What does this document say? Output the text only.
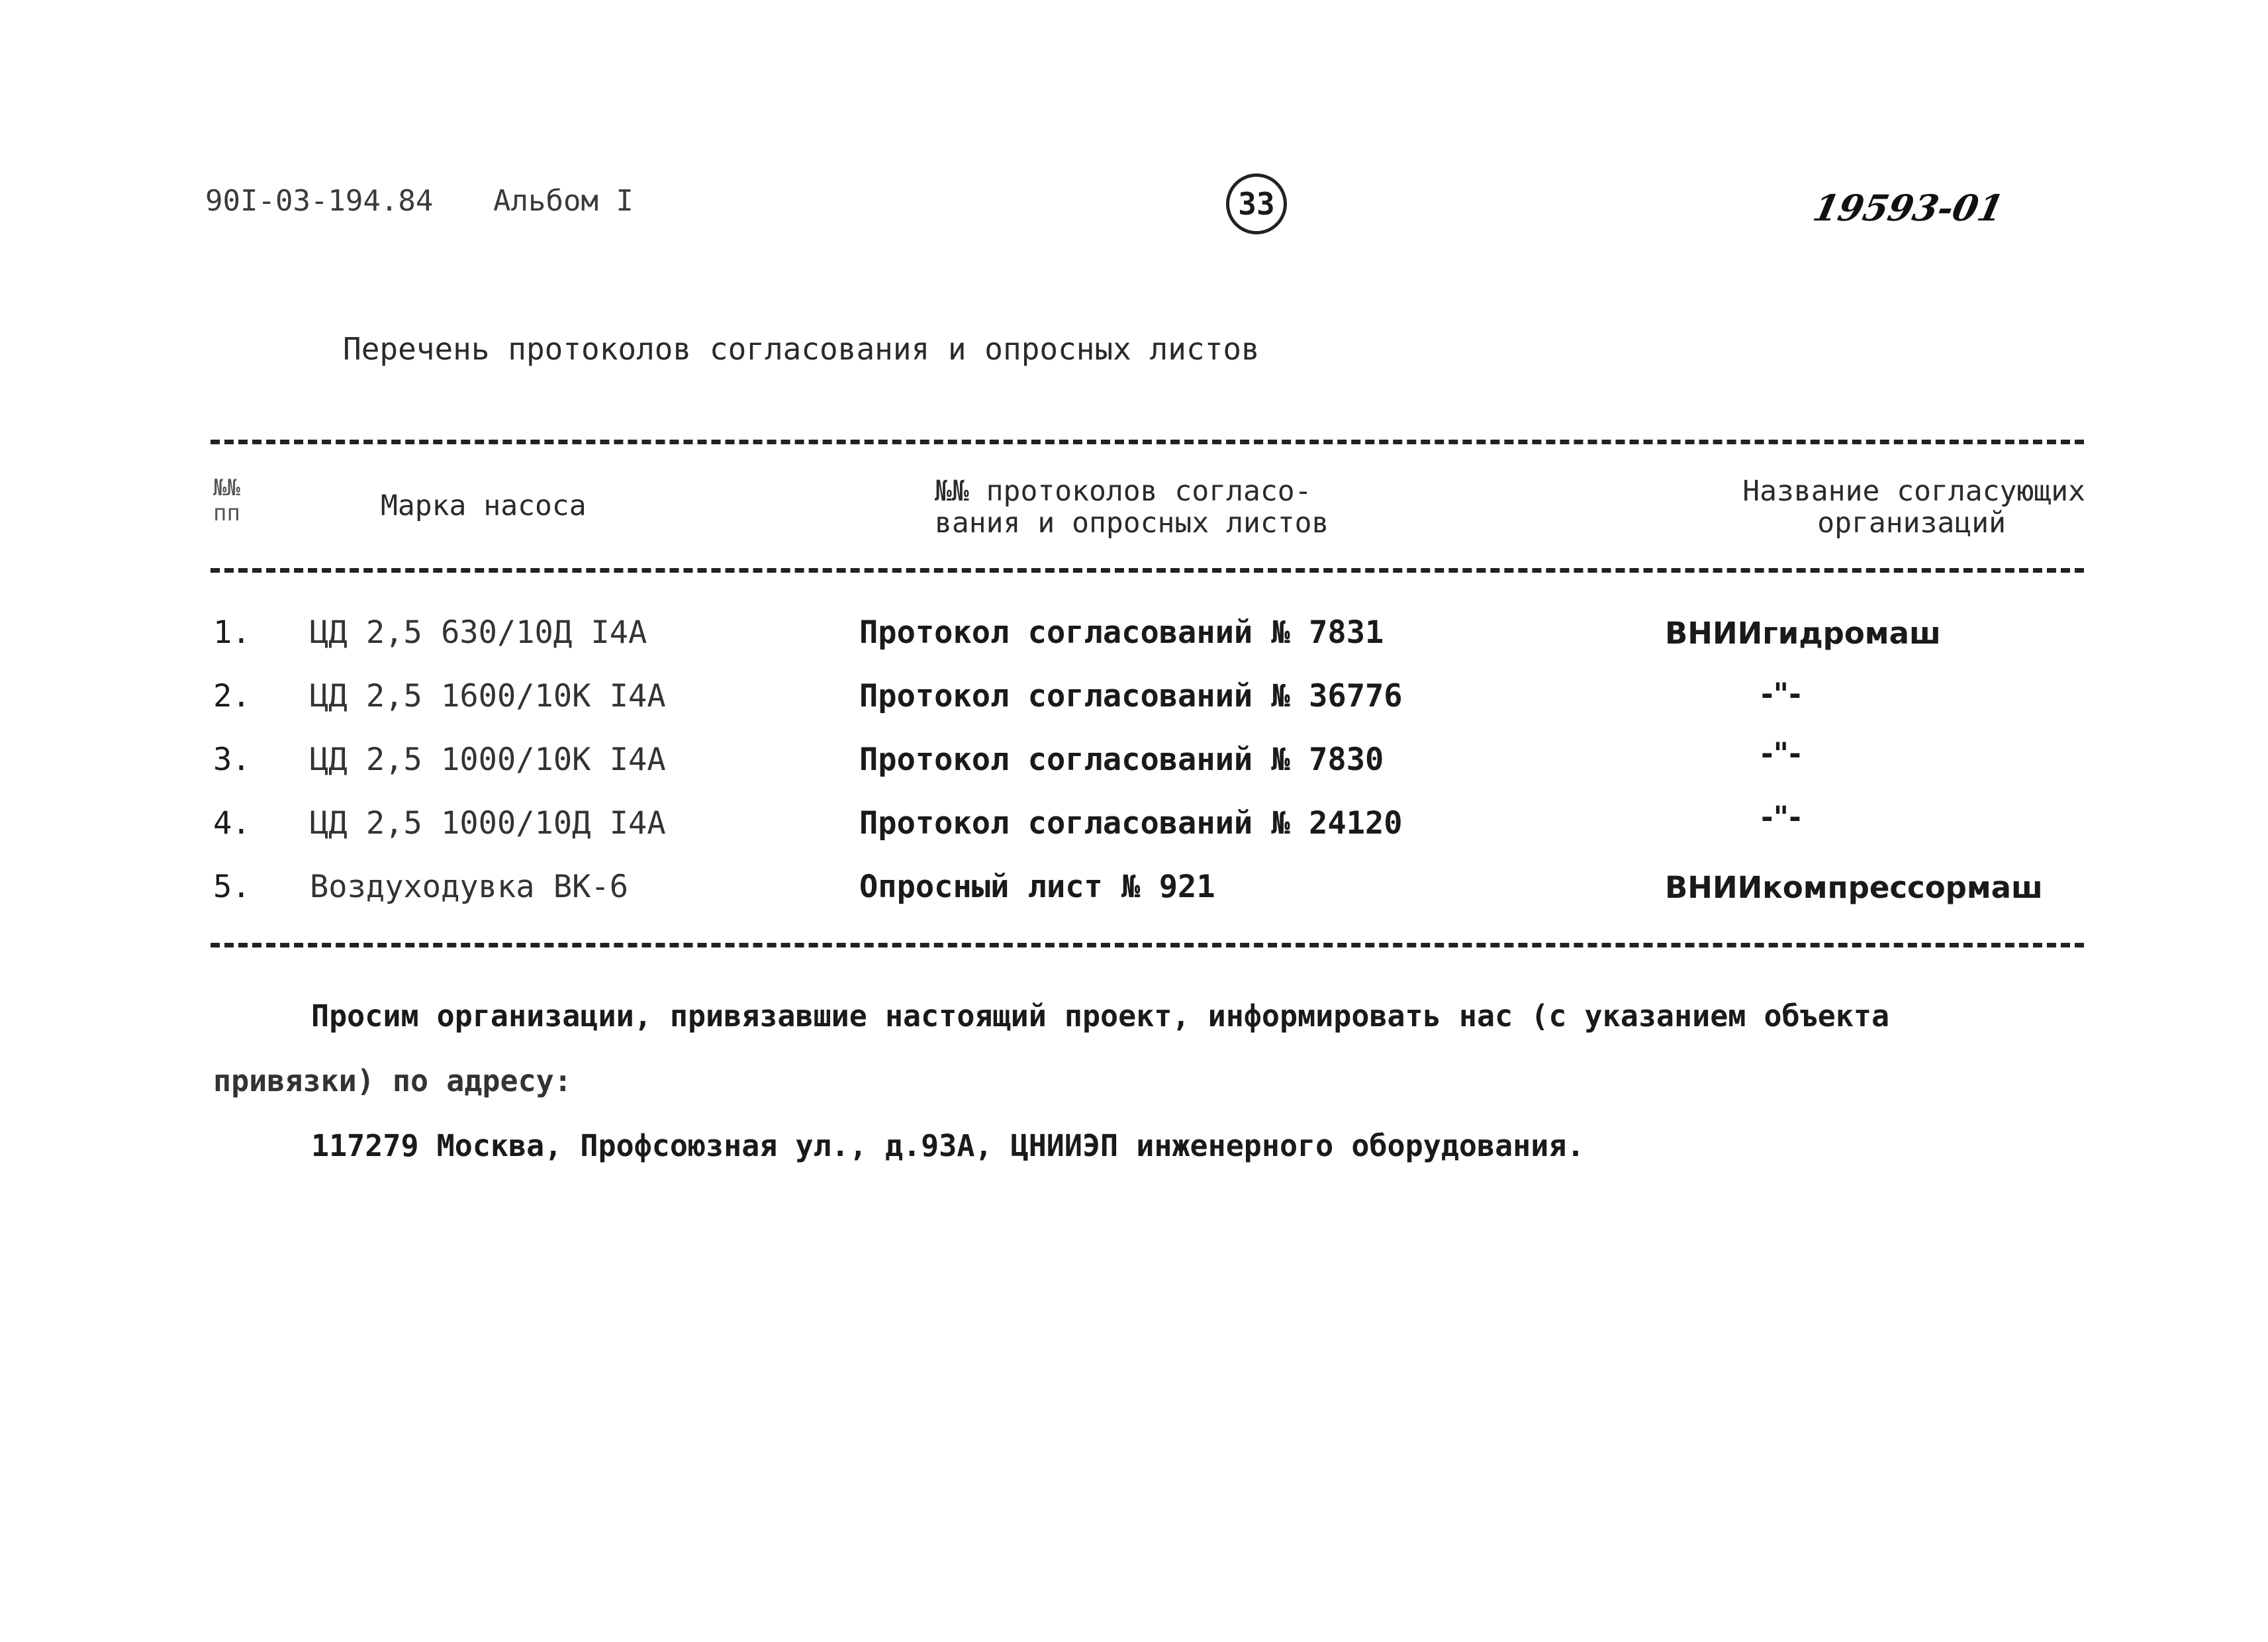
90I-03-194.84 Альбом I	33	19593-01
Перечень протоколов согласования и опросных листов
№№ пп	Марка насоса	№№ протоколов согласо-
вания и опросных листов
Название согласующих
организаций
1. ЦД 2,5 630/10Д I4А	Протокол согласований № 7831	ВНИИгидромаш
2. ЦД 2,5 1600/10К I4А	Протокол согласований № 36776	-"-
3. ЦД 2,5 1000/10К I4А	Протокол согласований № 7830	-"-
4. ЦД 2,5 1000/10Д I4А	Протокол согласований № 24120	-"-
5. Воздуходувка ВК-6	Опросный лист № 921	ВНИИкомпрессормаш
Просим организации, привязавшие настоящий проект, информировать нас (с указанием объекта
привязки) по адресу:
117279 Москва, Профсоюзная ул., д.93А, ЦНИИЭП инженерного оборудования.
